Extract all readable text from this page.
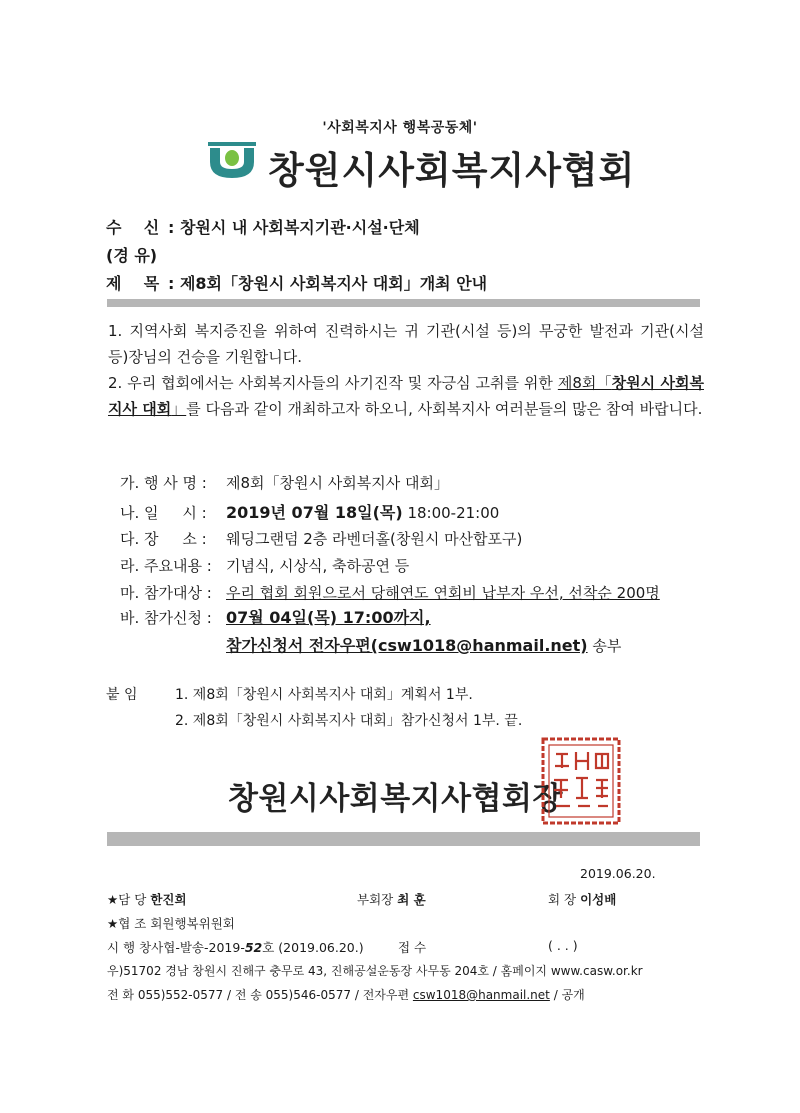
'사회복지사 행복공동체'
창원시사회복지사협회
수    신 : 창원시 내 사회복지기관·시설·단체
(경 유)
제    목 : 제8회「창원시 사회복지사 대회」개최 안내
1. 지역사회 복지증진을 위하여 진력하시는 귀 기관(시설 등)의 무궁한 발전과 기관(시설 등)장님의 건승을 기원합니다.
2. 우리 협회에서는 사회복지사들의 사기진작 및 자긍심 고취를 위한 제8회「창원시 사회복지사 대회」를 다음과 같이 개최하고자 하오니, 사회복지사 여러분들의 많은 참여 바랍니다.
가. 행 사 명 : 제8회「창원시 사회복지사 대회」
나. 일     시 : 2019년 07월 18일(목) 18:00-21:00
다. 장     소 : 웨딩그랜덤 2층 라벤더홀(창원시 마산합포구)
라. 주요내용 : 기념식, 시상식, 축하공연 등
마. 참가대상 : 우리 협회 회원으로서 당해연도 연회비 납부자 우선, 선착순 200명
바. 참가신청 : 07월 04일(목) 17:00까지,
참가신청서 전자우편(csw1018@hanmail.net) 송부
붙 임	1. 제8회「창원시 사회복지사 대회」계획서 1부.
2. 제8회「창원시 사회복지사 대회」참가신청서 1부. 끝.
창원시사회복지사협회장
2019.06.20.
★담 당 한진희	부회장 최 훈	회 장 이성배
★협 조 회원행복위원회
시 행 창사협-발송-2019-52호 (2019.06.20.)	접 수	( . . )
우)51702 경남 창원시 진해구 충무로 43, 진해공설운동장 사무동 204호 / 홈페이지 www.casw.or.kr
전 화 055)552-0577 / 전 송 055)546-0577 / 전자우편 csw1018@hanmail.net / 공개
